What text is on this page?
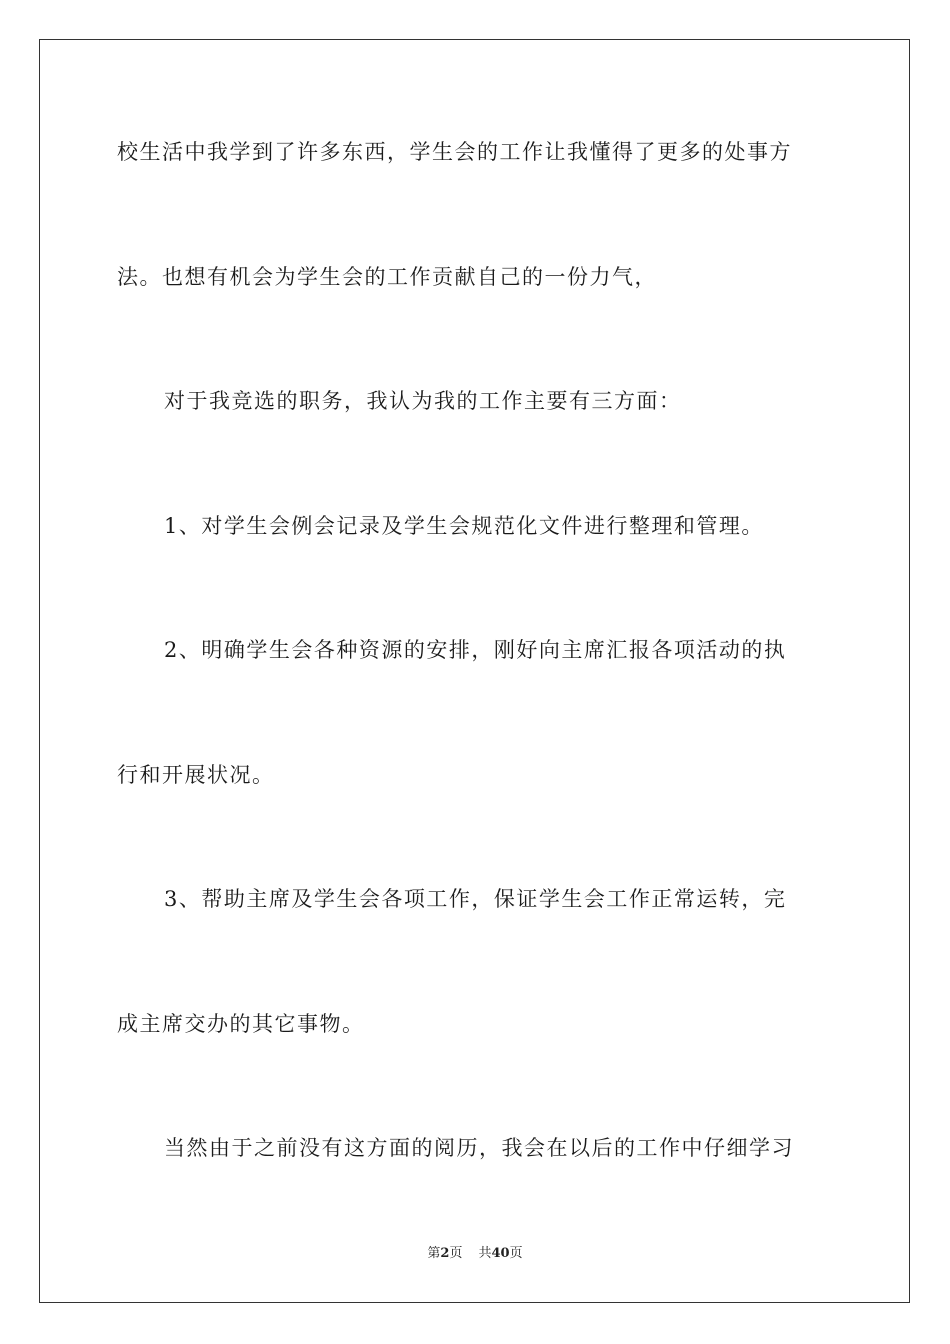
校生活中我学到了许多东西，学生会的工作让我懂得了更多的处事方
法。也想有机会为学生会的工作贡献自己的一份力气，
对于我竞选的职务，我认为我的工作主要有三方面：
1、对学生会例会记录及学生会规范化文件进行整理和管理。
2、明确学生会各种资源的安排，刚好向主席汇报各项活动的执
行和开展状况。
3、帮助主席及学生会各项工作，保证学生会工作正常运转，完
成主席交办的其它事物。
当然由于之前没有这方面的阅历，我会在以后的工作中仔细学习
第2页 共40页
